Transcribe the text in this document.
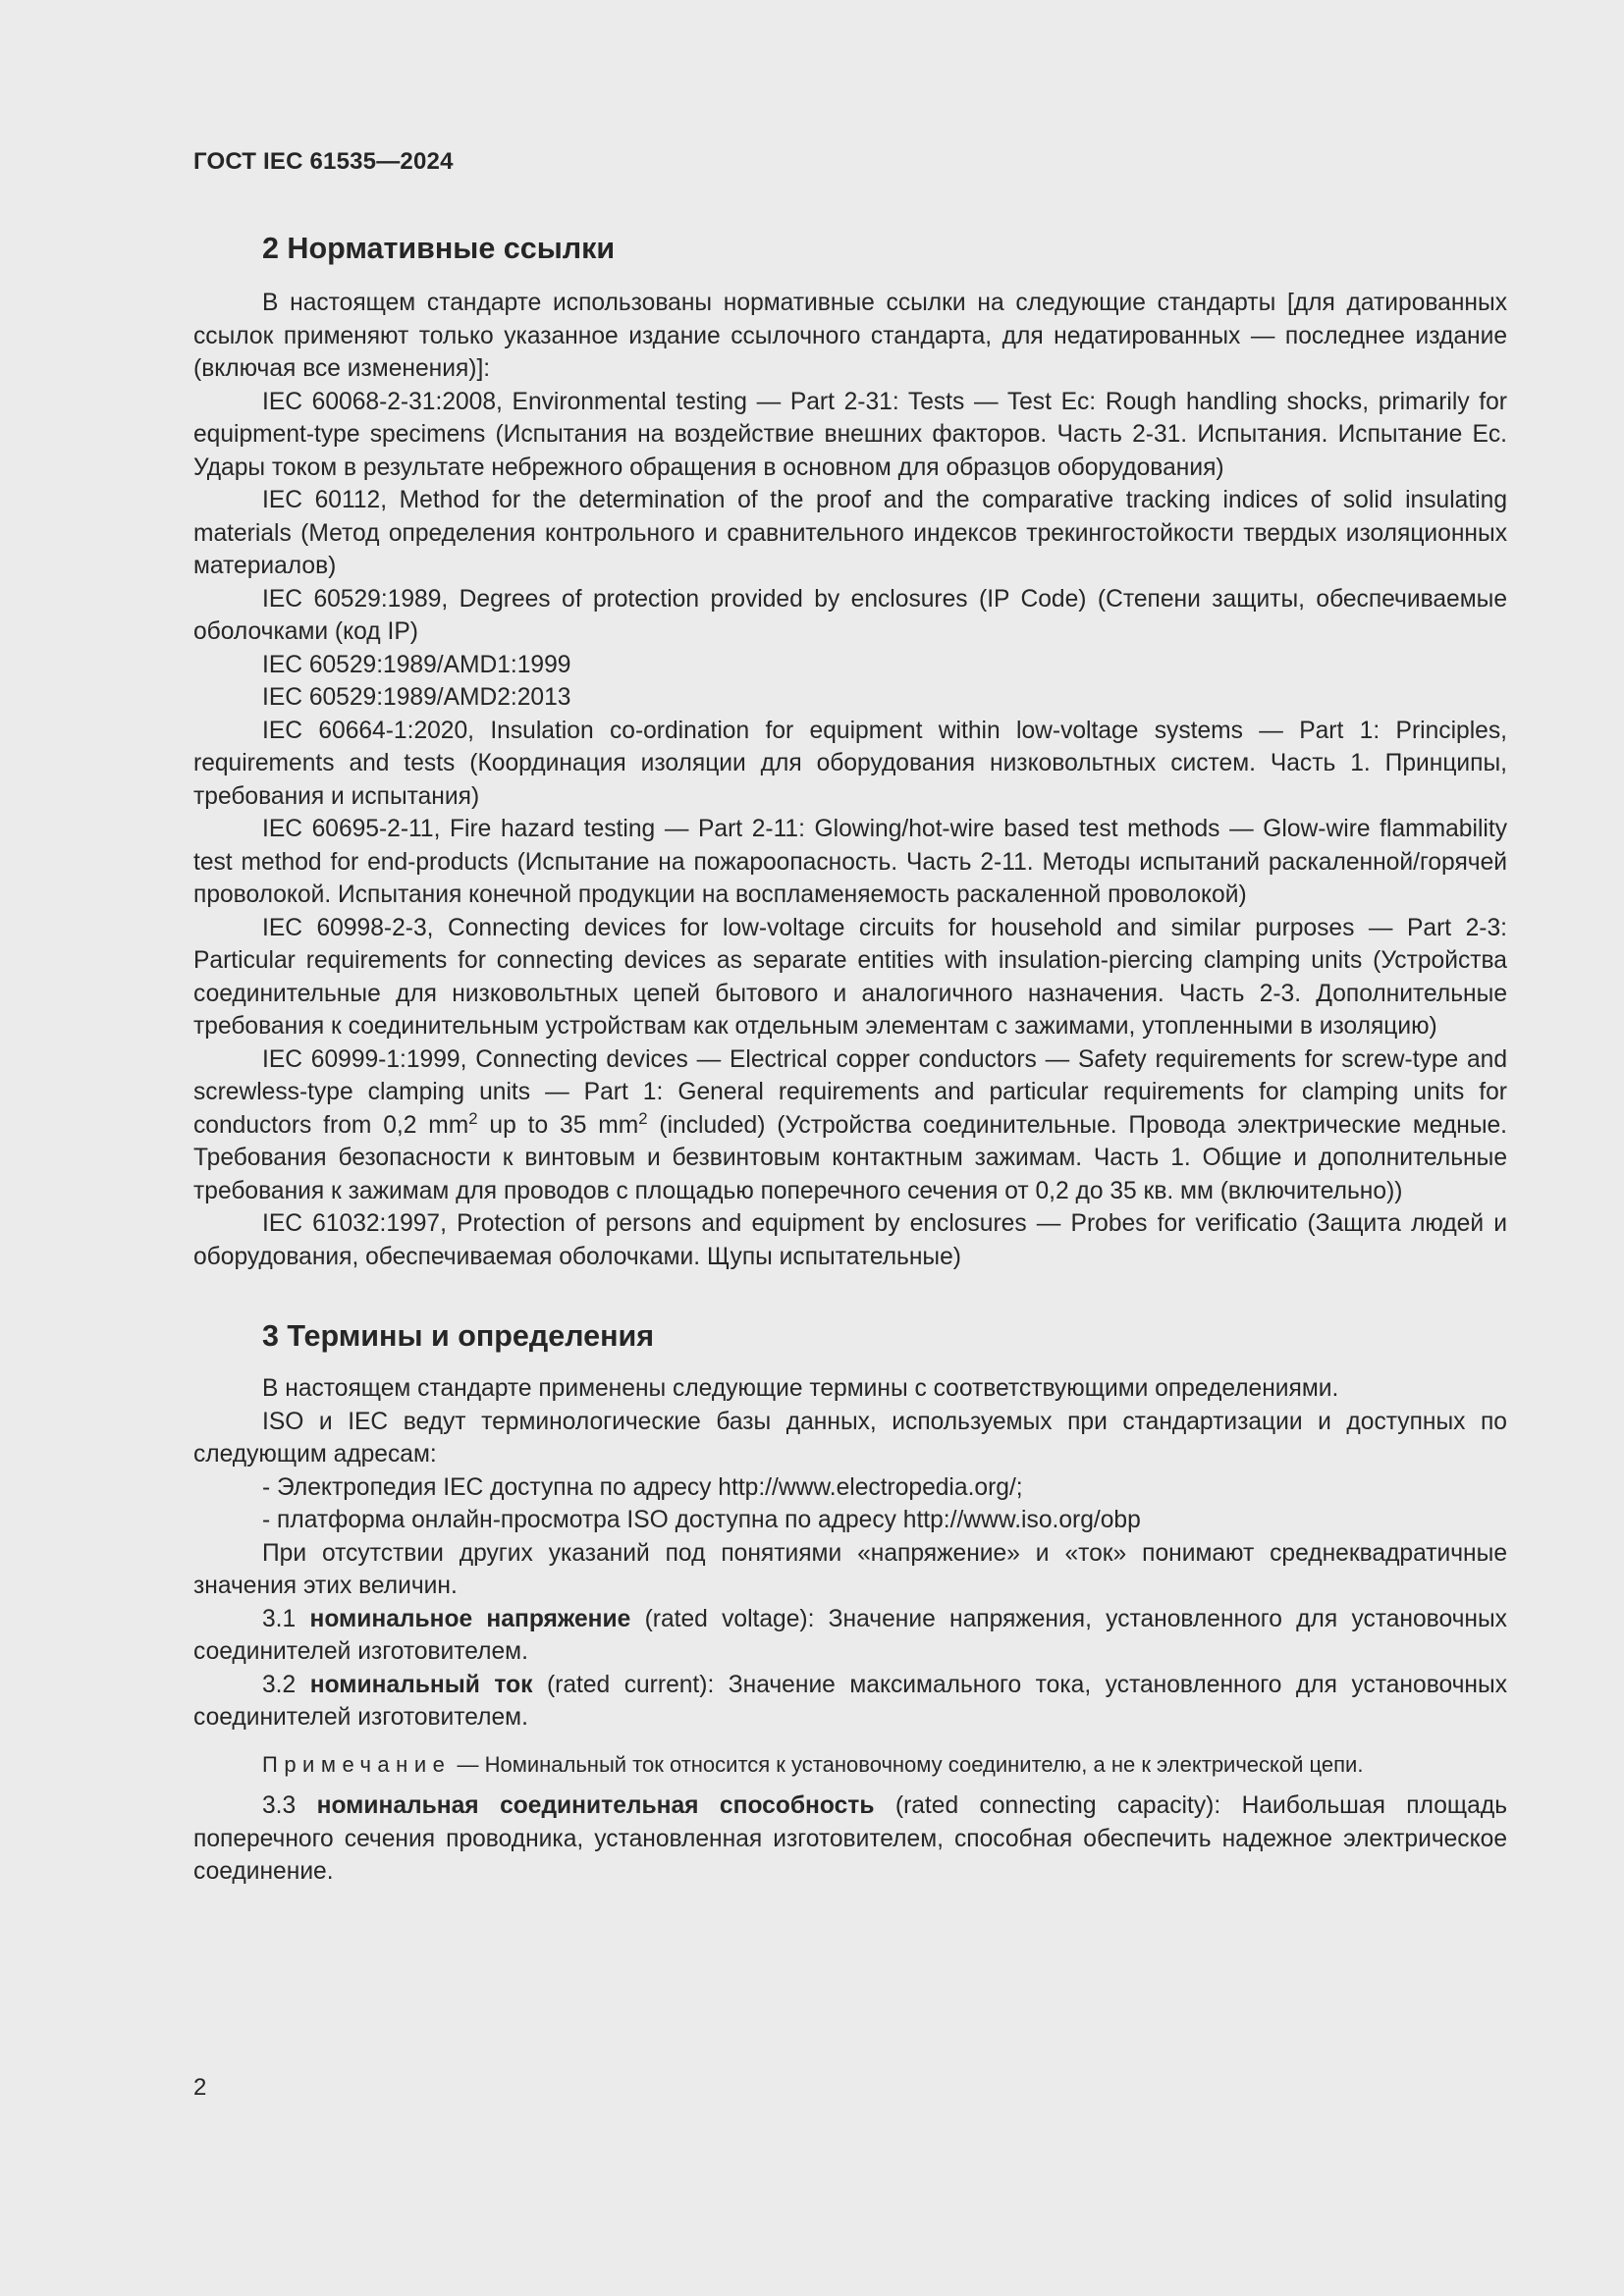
ГОСТ IEC 61535—2024
2 Нормативные ссылки

В настоящем стандарте использованы нормативные ссылки на следующие стандарты [для датированных ссылок применяют только указанное издание ссылочного стандарта, для недатированных — последнее издание (включая все изменения)]:

IEC 60068-2-31:2008, Environmental testing — Part 2-31: Tests — Test Ec: Rough handling shocks, primarily for equipment-type specimens (Испытания на воздействие внешних факторов. Часть 2-31. Испытания. Испытание Ec. Удары током в результате небрежного обращения в основном для образцов оборудования)

IEC 60112, Method for the determination of the proof and the comparative tracking indices of solid insulating materials (Метод определения контрольного и сравнительного индексов трекингостойкости твердых изоляционных материалов)

IEC 60529:1989, Degrees of protection provided by enclosures (IP Code) (Степени защиты, обеспечиваемые оболочками (код IP)

IEC 60529:1989/AMD1:1999

IEC 60529:1989/AMD2:2013

IEC 60664-1:2020, Insulation co-ordination for equipment within low-voltage systems — Part 1: Principles, requirements and tests (Координация изоляции для оборудования низковольтных систем. Часть 1. Принципы, требования и испытания)

IEC 60695-2-11, Fire hazard testing — Part 2-11: Glowing/hot-wire based test methods — Glow-wire flammability test method for end-products (Испытание на пожароопасность. Часть 2-11. Методы испытаний раскаленной/горячей проволокой. Испытания конечной продукции на воспламеняемость раскаленной проволокой)

IEC 60998-2-3, Connecting devices for low-voltage circuits for household and similar purposes — Part 2-3: Particular requirements for connecting devices as separate entities with insulation-piercing clamping units (Устройства соединительные для низковольтных цепей бытового и аналогичного назначения. Часть 2-3. Дополнительные требования к соединительным устройствам как отдельным элементам с зажимами, утопленными в изоляцию)

IEC 60999-1:1999, Connecting devices — Electrical copper conductors — Safety requirements for screw-type and screwless-type clamping units — Part 1: General requirements and particular requirements for clamping units for conductors from 0,2 $mm^2$ up to 35 $mm^2$ (included) (Устройства соединительные. Провода электрические медные. Требования безопасности к винтовым и безвинтовым контактным зажимам. Часть 1. Общие и дополнительные требования к зажимам для проводов с площадью поперечного сечения от 0,2 до 35 кв. мм (включительно))

IEC 61032:1997, Protection of persons and equipment by enclosures — Probes for verificatio (Защита людей и оборудования, обеспечиваемая оболочками. Щупы испытательные)

3 Термины и определения

В настоящем стандарте применены следующие термины с соответствующими определениями.

ISO и IEC ведут терминологические базы данных, используемых при стандартизации и доступных по следующим адресам:

- Электропедия IEC доступна по адресу http://www.electropedia.org/;

- платформа онлайн-просмотра ISO доступна по адресу http://www.iso.org/obp

При отсутствии других указаний под понятиями «напряжение» и «ток» понимают среднеквадратичные значения этих величин.

3.1 номинальное напряжение (rated voltage): Значение напряжения, установленного для установочных соединителей изготовителем.

3.2 номинальный ток (rated current): Значение максимального тока, установленного для установочных соединителей изготовителем.

Примечание — Номинальный ток относится к установочному соединителю, а не к электрической цепи.

3.3 номинальная соединительная способность (rated connecting capacity): Наибольшая площадь поперечного сечения проводника, установленная изготовителем, способная обеспечить надежное электрическое соединение.

2
